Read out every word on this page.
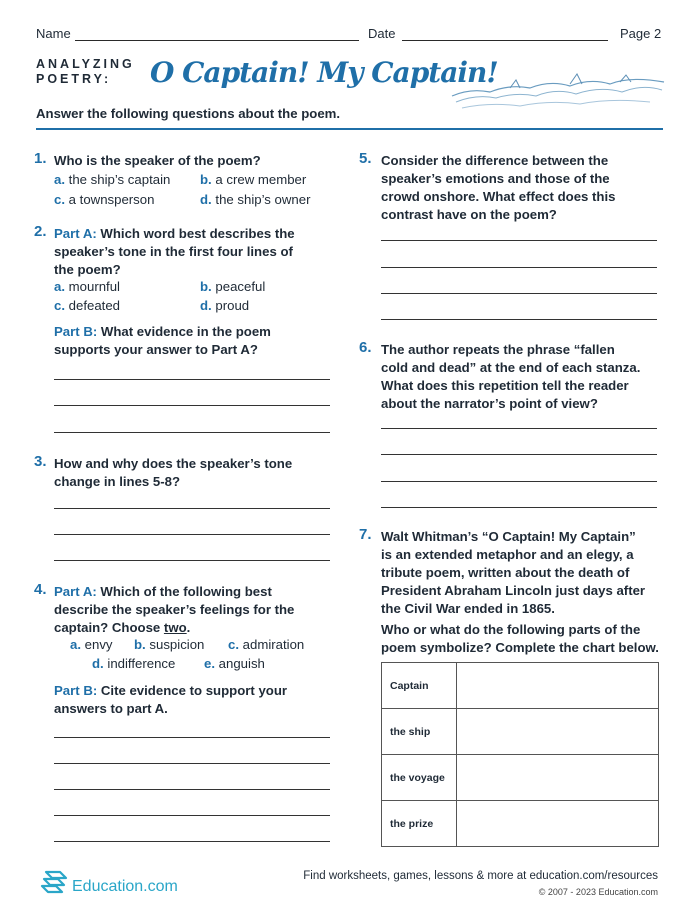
Name	Date	Page 2
ANALYZING
POETRY:	O Captain! My Captain!
Answer the following questions about the poem.
1. Who is the speaker of the poem?
a. the ship’s captain b. a crew member
c. a townsperson	d. the ship’s owner
2. Part A: Which word best describes the
speaker’s tone in the first four lines of
the poem?
a. mournful	b. peaceful
c. defeated	d. proud
Part B: What evidence in the poem
supports your answer to Part A?
3. How and why does the speaker’s tone
change in lines 5-8?
4. Part A: Which of the following best
describe the speaker’s feelings for the
captain? Choose two.
a. envy b. suspicion c. admiration
d. indifference e. anguish
Part B: Cite evidence to support your
answers to part A.
5. Consider the difference between the
speaker’s emotions and those of the
crowd onshore. What effect does this
contrast have on the poem?
6. The author repeats the phrase “fallen
cold and dead” at the end of each stanza.
What does this repetition tell the reader
about the narrator’s point of view?
7. Walt Whitman’s “O Captain! My Captain”
is an extended metaphor and an elegy, a
tribute poem, written about the death of
President Abraham Lincoln just days after
the Civil War ended in 1865.
Who or what do the following parts of the
poem symbolize? Complete the chart below.
Captain	
the ship	
the voyage	
the prize	
Education.com
Find worksheets, games, lessons & more at education.com/resources
© 2007 - 2023 Education.com
